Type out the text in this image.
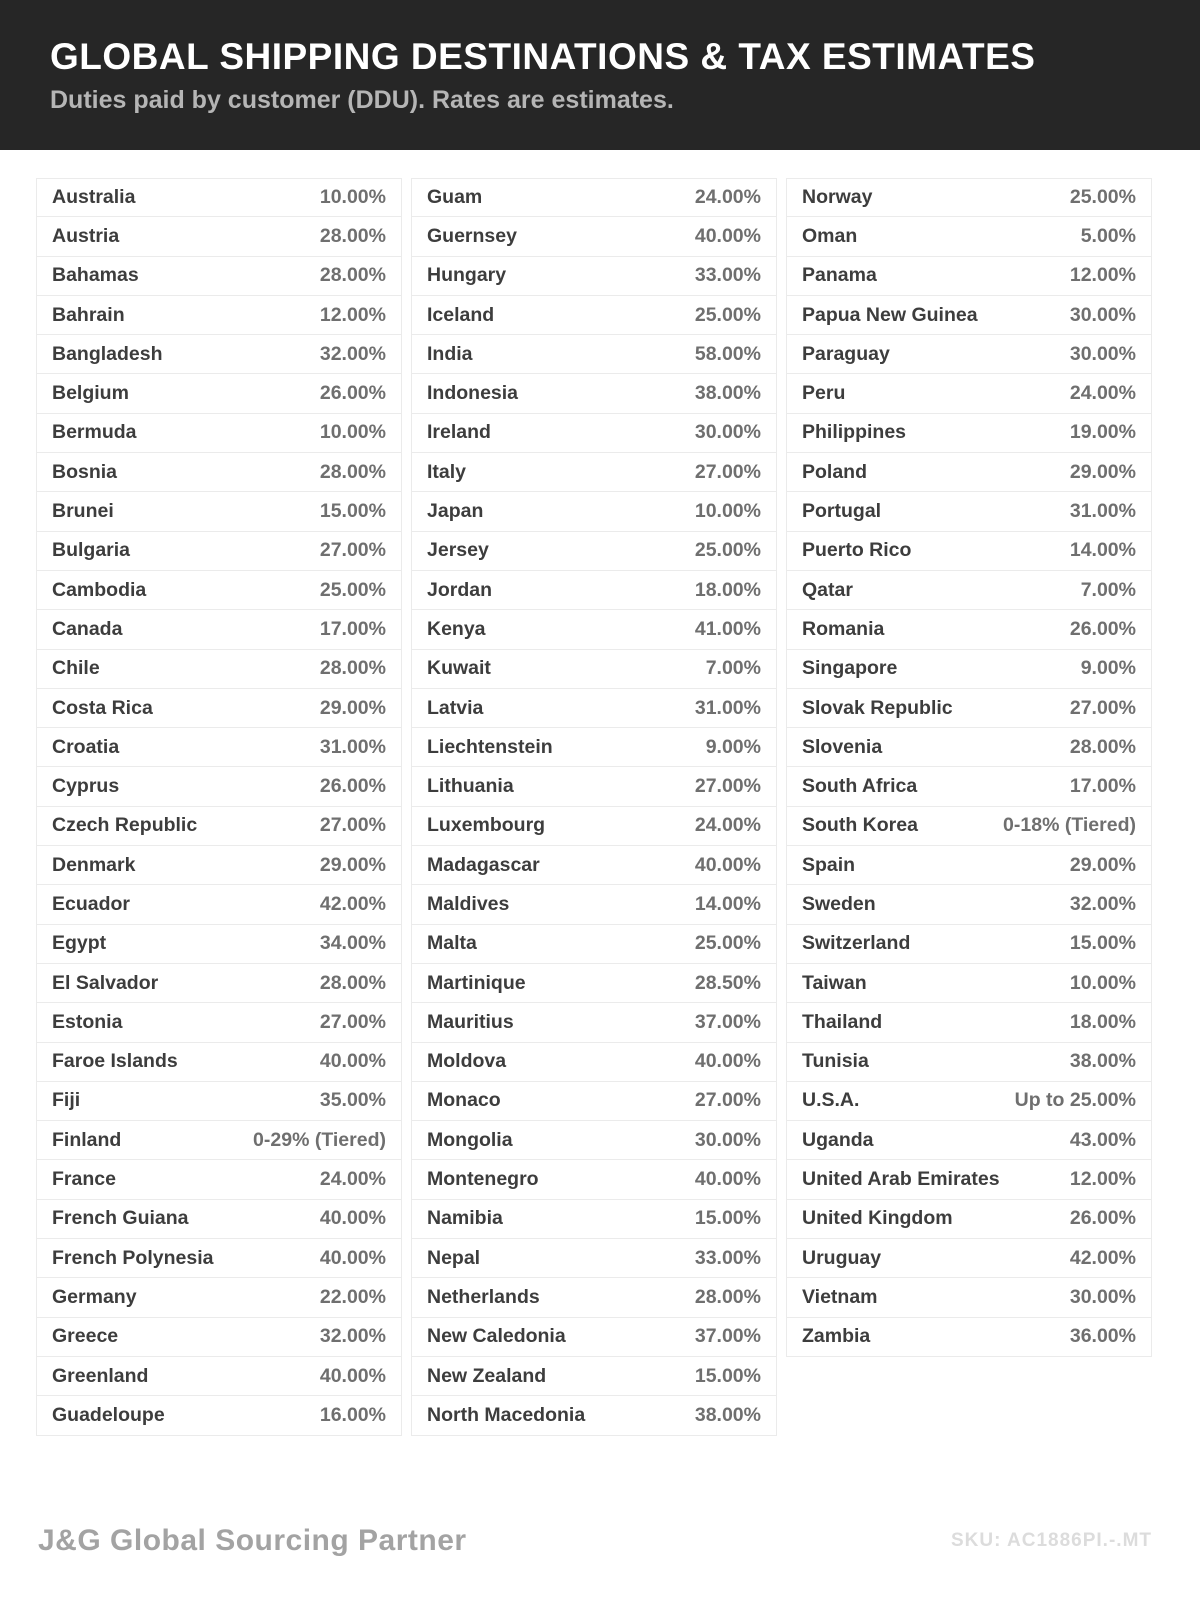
GLOBAL SHIPPING DESTINATIONS & TAX ESTIMATES

Duties paid by customer (DDU). Rates are estimates.

Australia	10.00%
Austria	28.00%
Bahamas	28.00%
Bahrain	12.00%
Bangladesh	32.00%
Belgium	26.00%
Bermuda	10.00%
Bosnia	28.00%
Brunei	15.00%
Bulgaria	27.00%
Cambodia	25.00%
Canada	17.00%
Chile	28.00%
Costa Rica	29.00%
Croatia	31.00%
Cyprus	26.00%
Czech Republic	27.00%
Denmark	29.00%
Ecuador	42.00%
Egypt	34.00%
El Salvador	28.00%
Estonia	27.00%
Faroe Islands	40.00%
Fiji	35.00%
Finland	0-29% (Tiered)
France	24.00%
French Guiana	40.00%
French Polynesia	40.00%
Germany	22.00%
Greece	32.00%
Greenland	40.00%
Guadeloupe	16.00%
Guam	24.00%
Guernsey	40.00%
Hungary	33.00%
Iceland	25.00%
India	58.00%
Indonesia	38.00%
Ireland	30.00%
Italy	27.00%
Japan	10.00%
Jersey	25.00%
Jordan	18.00%
Kenya	41.00%
Kuwait	7.00%
Latvia	31.00%
Liechtenstein	9.00%
Lithuania	27.00%
Luxembourg	24.00%
Madagascar	40.00%
Maldives	14.00%
Malta	25.00%
Martinique	28.50%
Mauritius	37.00%
Moldova	40.00%
Monaco	27.00%
Mongolia	30.00%
Montenegro	40.00%
Namibia	15.00%
Nepal	33.00%
Netherlands	28.00%
New Caledonia	37.00%
New Zealand	15.00%
North Macedonia	38.00%
Norway	25.00%
Oman	5.00%
Panama	12.00%
Papua New Guinea	30.00%
Paraguay	30.00%
Peru	24.00%
Philippines	19.00%
Poland	29.00%
Portugal	31.00%
Puerto Rico	14.00%
Qatar	7.00%
Romania	26.00%
Singapore	9.00%
Slovak Republic	27.00%
Slovenia	28.00%
South Africa	17.00%
South Korea	0-18% (Tiered)
Spain	29.00%
Sweden	32.00%
Switzerland	15.00%
Taiwan	10.00%
Thailand	18.00%
Tunisia	38.00%
U.S.A.	Up to 25.00%
Uganda	43.00%
United Arab Emirates	12.00%
United Kingdom	26.00%
Uruguay	42.00%
Vietnam	30.00%
Zambia	36.00%
J&G Global Sourcing Partner	SKU: AC1886PI.-.MT
